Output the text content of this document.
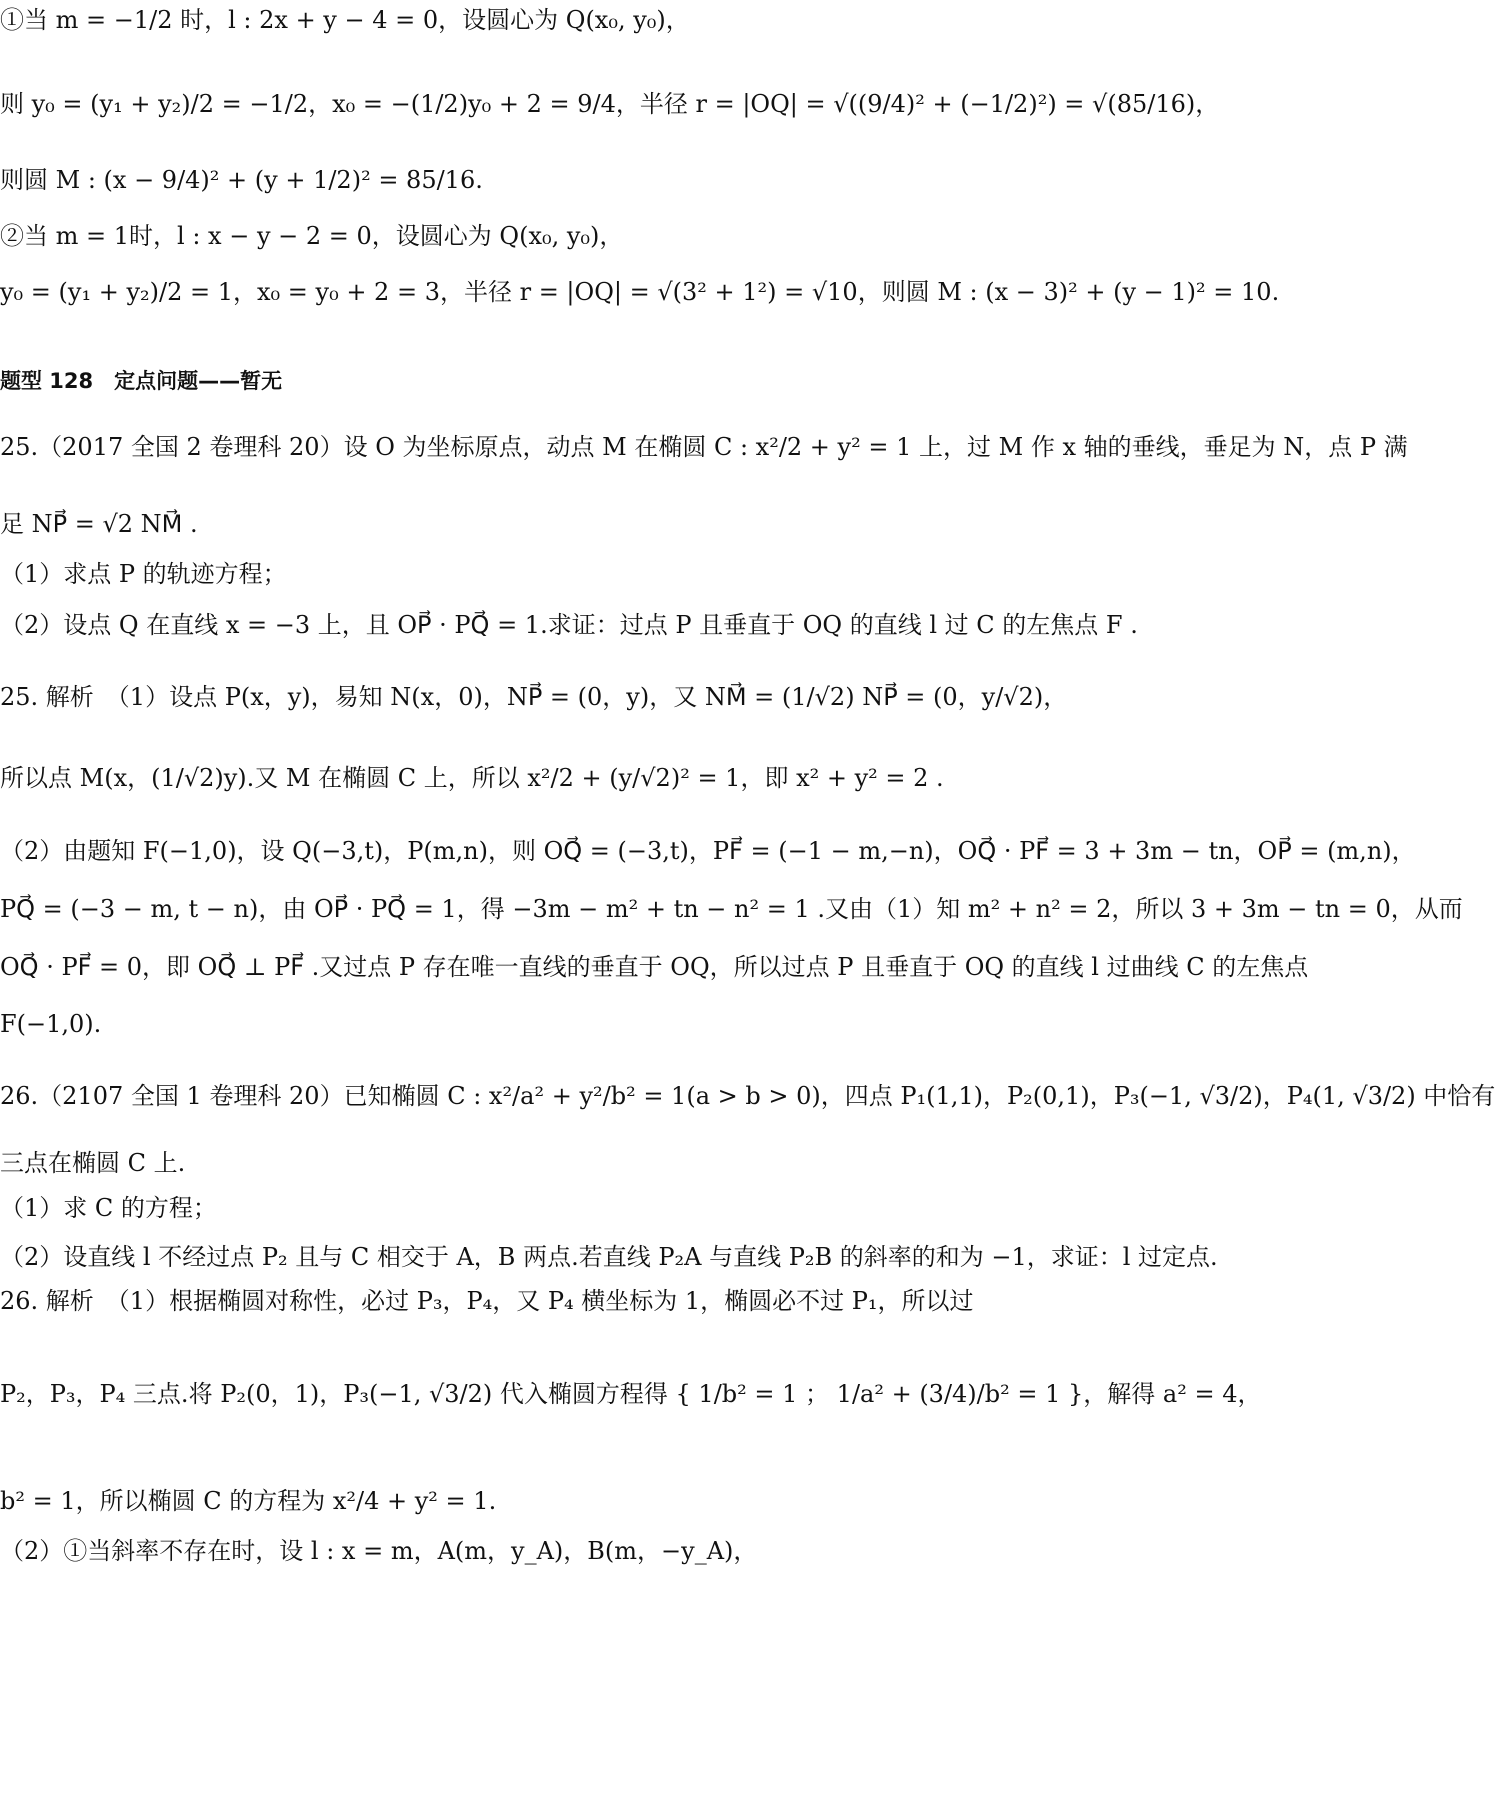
①当 m = −1/2 时，l : 2x + y − 4 = 0，设圆心为 Q(x₀, y₀)，
则 y₀ = (y₁ + y₂)/2 = −1/2，x₀ = −(1/2)y₀ + 2 = 9/4，半径 r = |OQ| = √((9/4)² + (−1/2)²) = √(85/16)，
则圆 M : (x − 9/4)² + (y + 1/2)² = 85/16.
②当 m = 1时，l : x − y − 2 = 0，设圆心为 Q(x₀, y₀)，
y₀ = (y₁ + y₂)/2 = 1，x₀ = y₀ + 2 = 3，半径 r = |OQ| = √(3² + 1²) = √10，则圆 M : (x − 3)² + (y − 1)² = 10.
题型 128　定点问题——暂无
25.（2017 全国 2 卷理科 20）设 O 为坐标原点，动点 M 在椭圆 C : x²/2 + y² = 1 上，过 M 作 x 轴的垂线，垂足为 N，点 P 满
足 NP⃗ = √2 NM⃗ .
（1）求点 P 的轨迹方程；
（2）设点 Q 在直线 x = −3 上，且 OP⃗ · PQ⃗ = 1.求证：过点 P 且垂直于 OQ 的直线 l 过 C 的左焦点 F .
25. 解析　（1）设点 P(x，y)，易知 N(x，0)，NP⃗ = (0，y)，又 NM⃗ = (1/√2) NP⃗ = (0，y/√2)，
所以点 M(x，(1/√2)y).又 M 在椭圆 C 上，所以 x²/2 + (y/√2)² = 1，即 x² + y² = 2 .
（2）由题知 F(−1,0)，设 Q(−3,t)，P(m,n)，则 OQ⃗ = (−3,t)，PF⃗ = (−1 − m,−n)，OQ⃗ · PF⃗ = 3 + 3m − tn，OP⃗ = (m,n)，
PQ⃗ = (−3 − m, t − n)，由 OP⃗ · PQ⃗ = 1，得 −3m − m² + tn − n² = 1 .又由（1）知 m² + n² = 2，所以 3 + 3m − tn = 0，从而
OQ⃗ · PF⃗ = 0，即 OQ⃗ ⊥ PF⃗ .又过点 P 存在唯一直线的垂直于 OQ，所以过点 P 且垂直于 OQ 的直线 l 过曲线 C 的左焦点
F(−1,0).
26.（2107 全国 1 卷理科 20）已知椭圆 C : x²/a² + y²/b² = 1(a > b > 0)，四点 P₁(1,1)，P₂(0,1)，P₃(−1, √3/2)，P₄(1, √3/2) 中恰有
三点在椭圆 C 上.
（1）求 C 的方程；
（2）设直线 l 不经过点 P₂ 且与 C 相交于 A，B 两点.若直线 P₂A 与直线 P₂B 的斜率的和为 −1，求证：l 过定点.
26. 解析　（1）根据椭圆对称性，必过 P₃，P₄，又 P₄ 横坐标为 1，椭圆必不过 P₁，所以过
P₂，P₃，P₄ 三点.将 P₂(0，1)，P₃(−1, √3/2) 代入椭圆方程得 { 1/b² = 1 ； 1/a² + (3/4)/b² = 1 }，解得 a² = 4，
b² = 1，所以椭圆 C 的方程为 x²/4 + y² = 1.
（2）①当斜率不存在时，设 l : x = m，A(m，y_A)，B(m，−y_A)，
